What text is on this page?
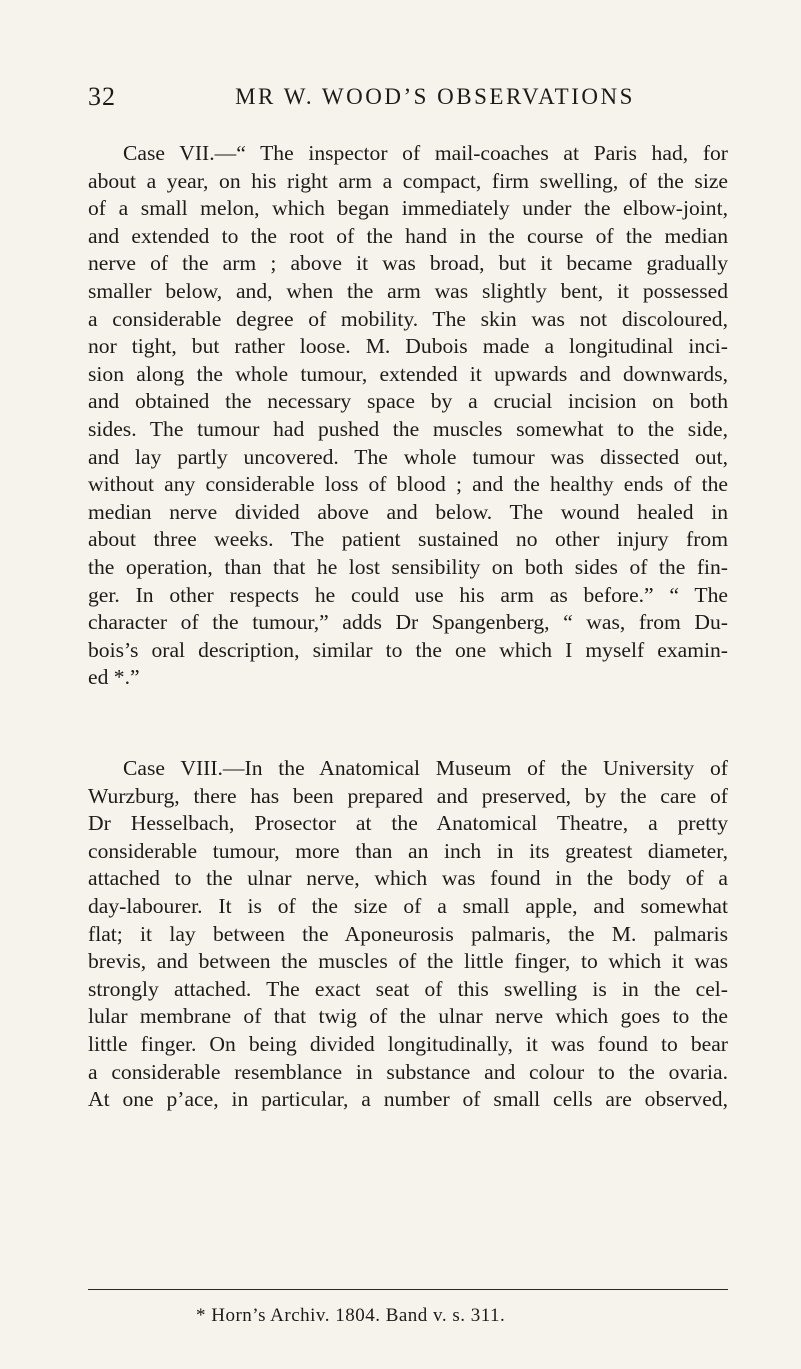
32	MR W. WOOD’S OBSERVATIONS
Case VII.—“ The inspector of mail-coaches at Paris had, for
about a year, on his right arm a compact, firm swelling, of the size
of a small melon, which began immediately under the elbow-joint,
and extended to the root of the hand in the course of the median
nerve of the arm ; above it was broad, but it became gradually
smaller below, and, when the arm was slightly bent, it possessed
a considerable degree of mobility. The skin was not discoloured,
nor tight, but rather loose. M. Dubois made a longitudinal inci-
sion along the whole tumour, extended it upwards and downwards,
and obtained the necessary space by a crucial incision on both
sides. The tumour had pushed the muscles somewhat to the side,
and lay partly uncovered. The whole tumour was dissected out,
without any considerable loss of blood ; and the healthy ends of the
median nerve divided above and below. The wound healed in
about three weeks. The patient sustained no other injury from
the operation, than that he lost sensibility on both sides of the fin-
ger. In other respects he could use his arm as before.” “ The
character of the tumour,” adds Dr Spangenberg, “ was, from Du-
bois’s oral description, similar to the one which I myself examin-
ed *.”
Case VIII.—In the Anatomical Museum of the University of
Wurzburg, there has been prepared and preserved, by the care of
Dr Hesselbach, Prosector at the Anatomical Theatre, a pretty
considerable tumour, more than an inch in its greatest diameter,
attached to the ulnar nerve, which was found in the body of a
day-labourer. It is of the size of a small apple, and somewhat
flat; it lay between the Aponeurosis palmaris, the M. palmaris
brevis, and between the muscles of the little finger, to which it was
strongly attached. The exact seat of this swelling is in the cel-
lular membrane of that twig of the ulnar nerve which goes to the
little finger. On being divided longitudinally, it was found to bear
a considerable resemblance in substance and colour to the ovaria.
At one p’ace, in particular, a number of small cells are observed,
* Horn’s Archiv. 1804. Band v. s. 311.
